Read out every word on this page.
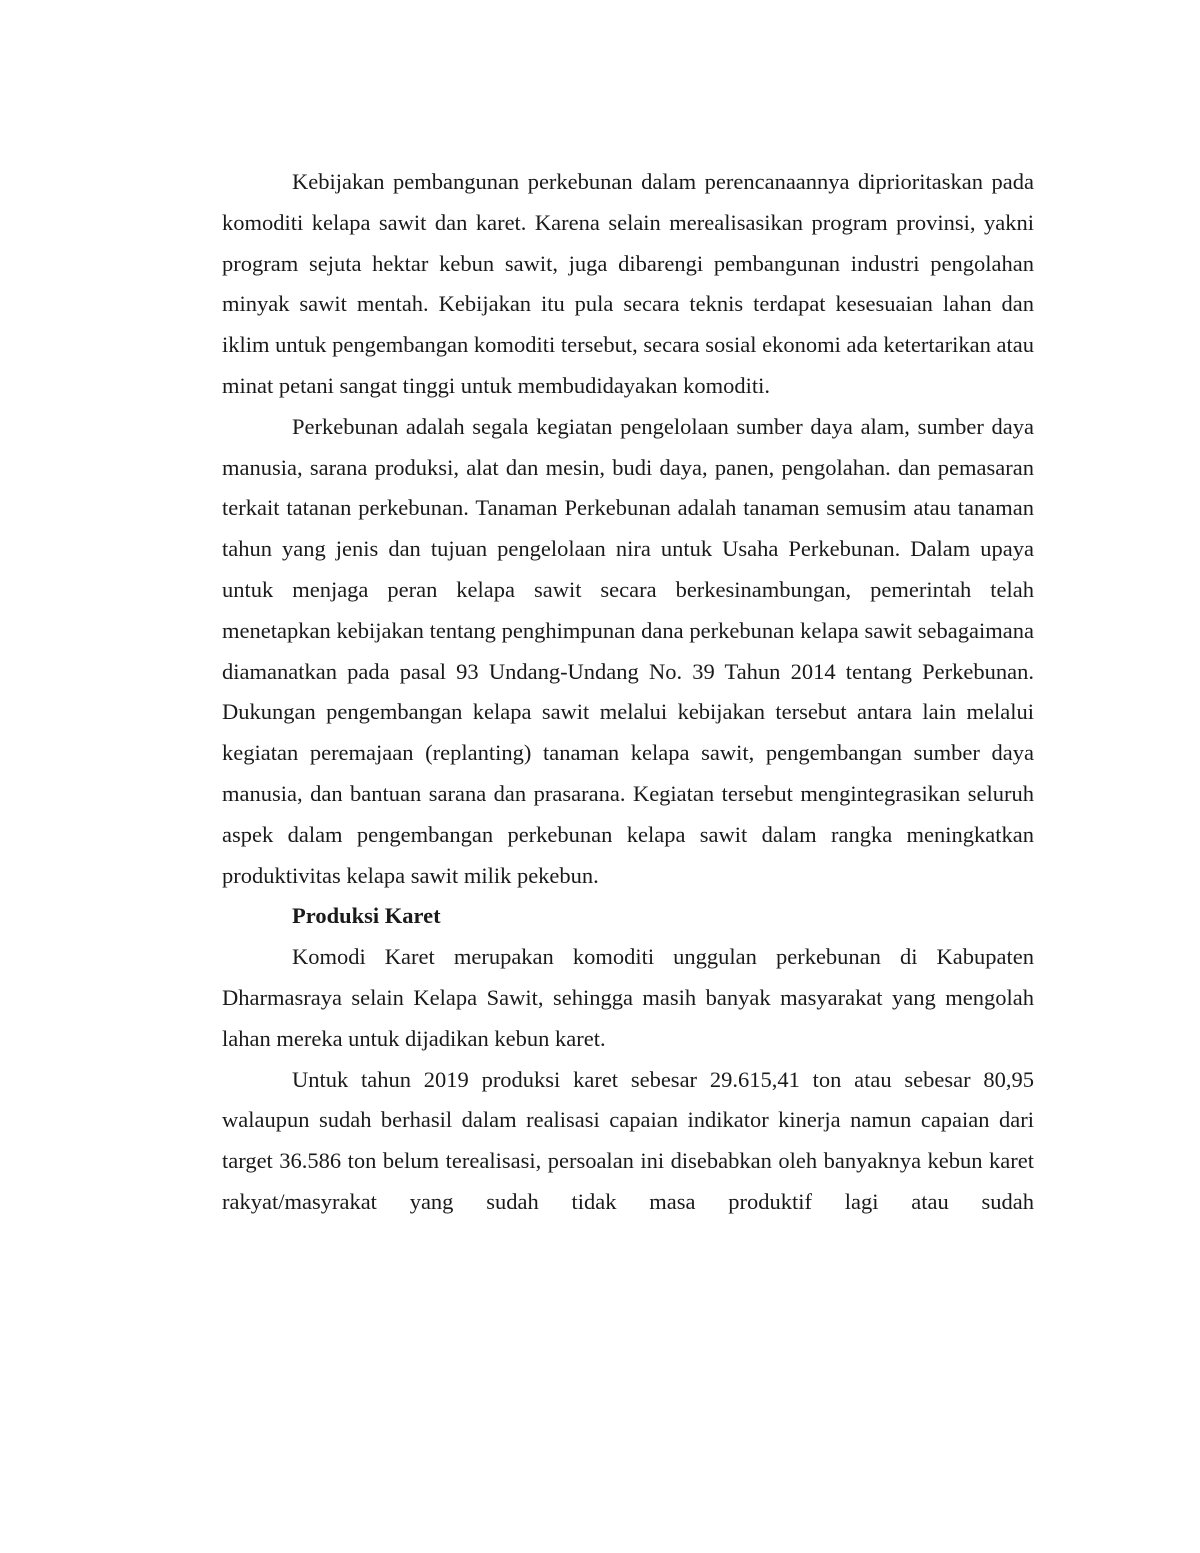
Kebijakan pembangunan perkebunan dalam perencanaannya diprioritaskan pada komoditi kelapa sawit dan karet. Karena selain merealisasikan program provinsi, yakni program sejuta hektar kebun sawit, juga dibarengi pembangunan industri pengolahan minyak sawit mentah. Kebijakan itu pula secara teknis terdapat kesesuaian lahan dan iklim untuk pengembangan komoditi tersebut, secara sosial ekonomi ada ketertarikan atau minat petani sangat tinggi untuk membudidayakan komoditi.

Perkebunan adalah segala kegiatan pengelolaan sumber daya alam, sumber daya manusia, sarana produksi, alat dan mesin, budi daya, panen, pengolahan. dan pemasaran terkait tatanan perkebunan. Tanaman Perkebunan adalah tanaman semusim atau tanaman tahun yang jenis dan tujuan pengelolaan nira untuk Usaha Perkebunan. Dalam upaya untuk menjaga peran kelapa sawit secara berkesinambungan, pemerintah telah menetapkan kebijakan tentang penghimpunan dana perkebunan kelapa sawit sebagaimana diamanatkan pada pasal 93 Undang-Undang No. 39 Tahun 2014 tentang Perkebunan. Dukungan pengembangan kelapa sawit melalui kebijakan tersebut antara lain melalui kegiatan peremajaan (replanting) tanaman kelapa sawit, pengembangan sumber daya manusia, dan bantuan sarana dan prasarana. Kegiatan tersebut mengintegrasikan seluruh aspek dalam pengembangan perkebunan kelapa sawit dalam rangka meningkatkan produktivitas kelapa sawit milik pekebun.

Produksi Karet

Komodi Karet merupakan komoditi unggulan perkebunan di Kabupaten Dharmasraya selain Kelapa Sawit, sehingga masih banyak masyarakat yang mengolah lahan mereka untuk dijadikan kebun karet.

Untuk tahun 2019 produksi karet sebesar 29.615,41 ton atau sebesar 80,95 walaupun sudah berhasil dalam realisasi capaian indikator kinerja namun capaian dari target 36.586 ton belum terealisasi, persoalan ini disebabkan oleh banyaknya kebun karet rakyat/masyrakat yang sudah tidak masa produktif lagi atau sudah
